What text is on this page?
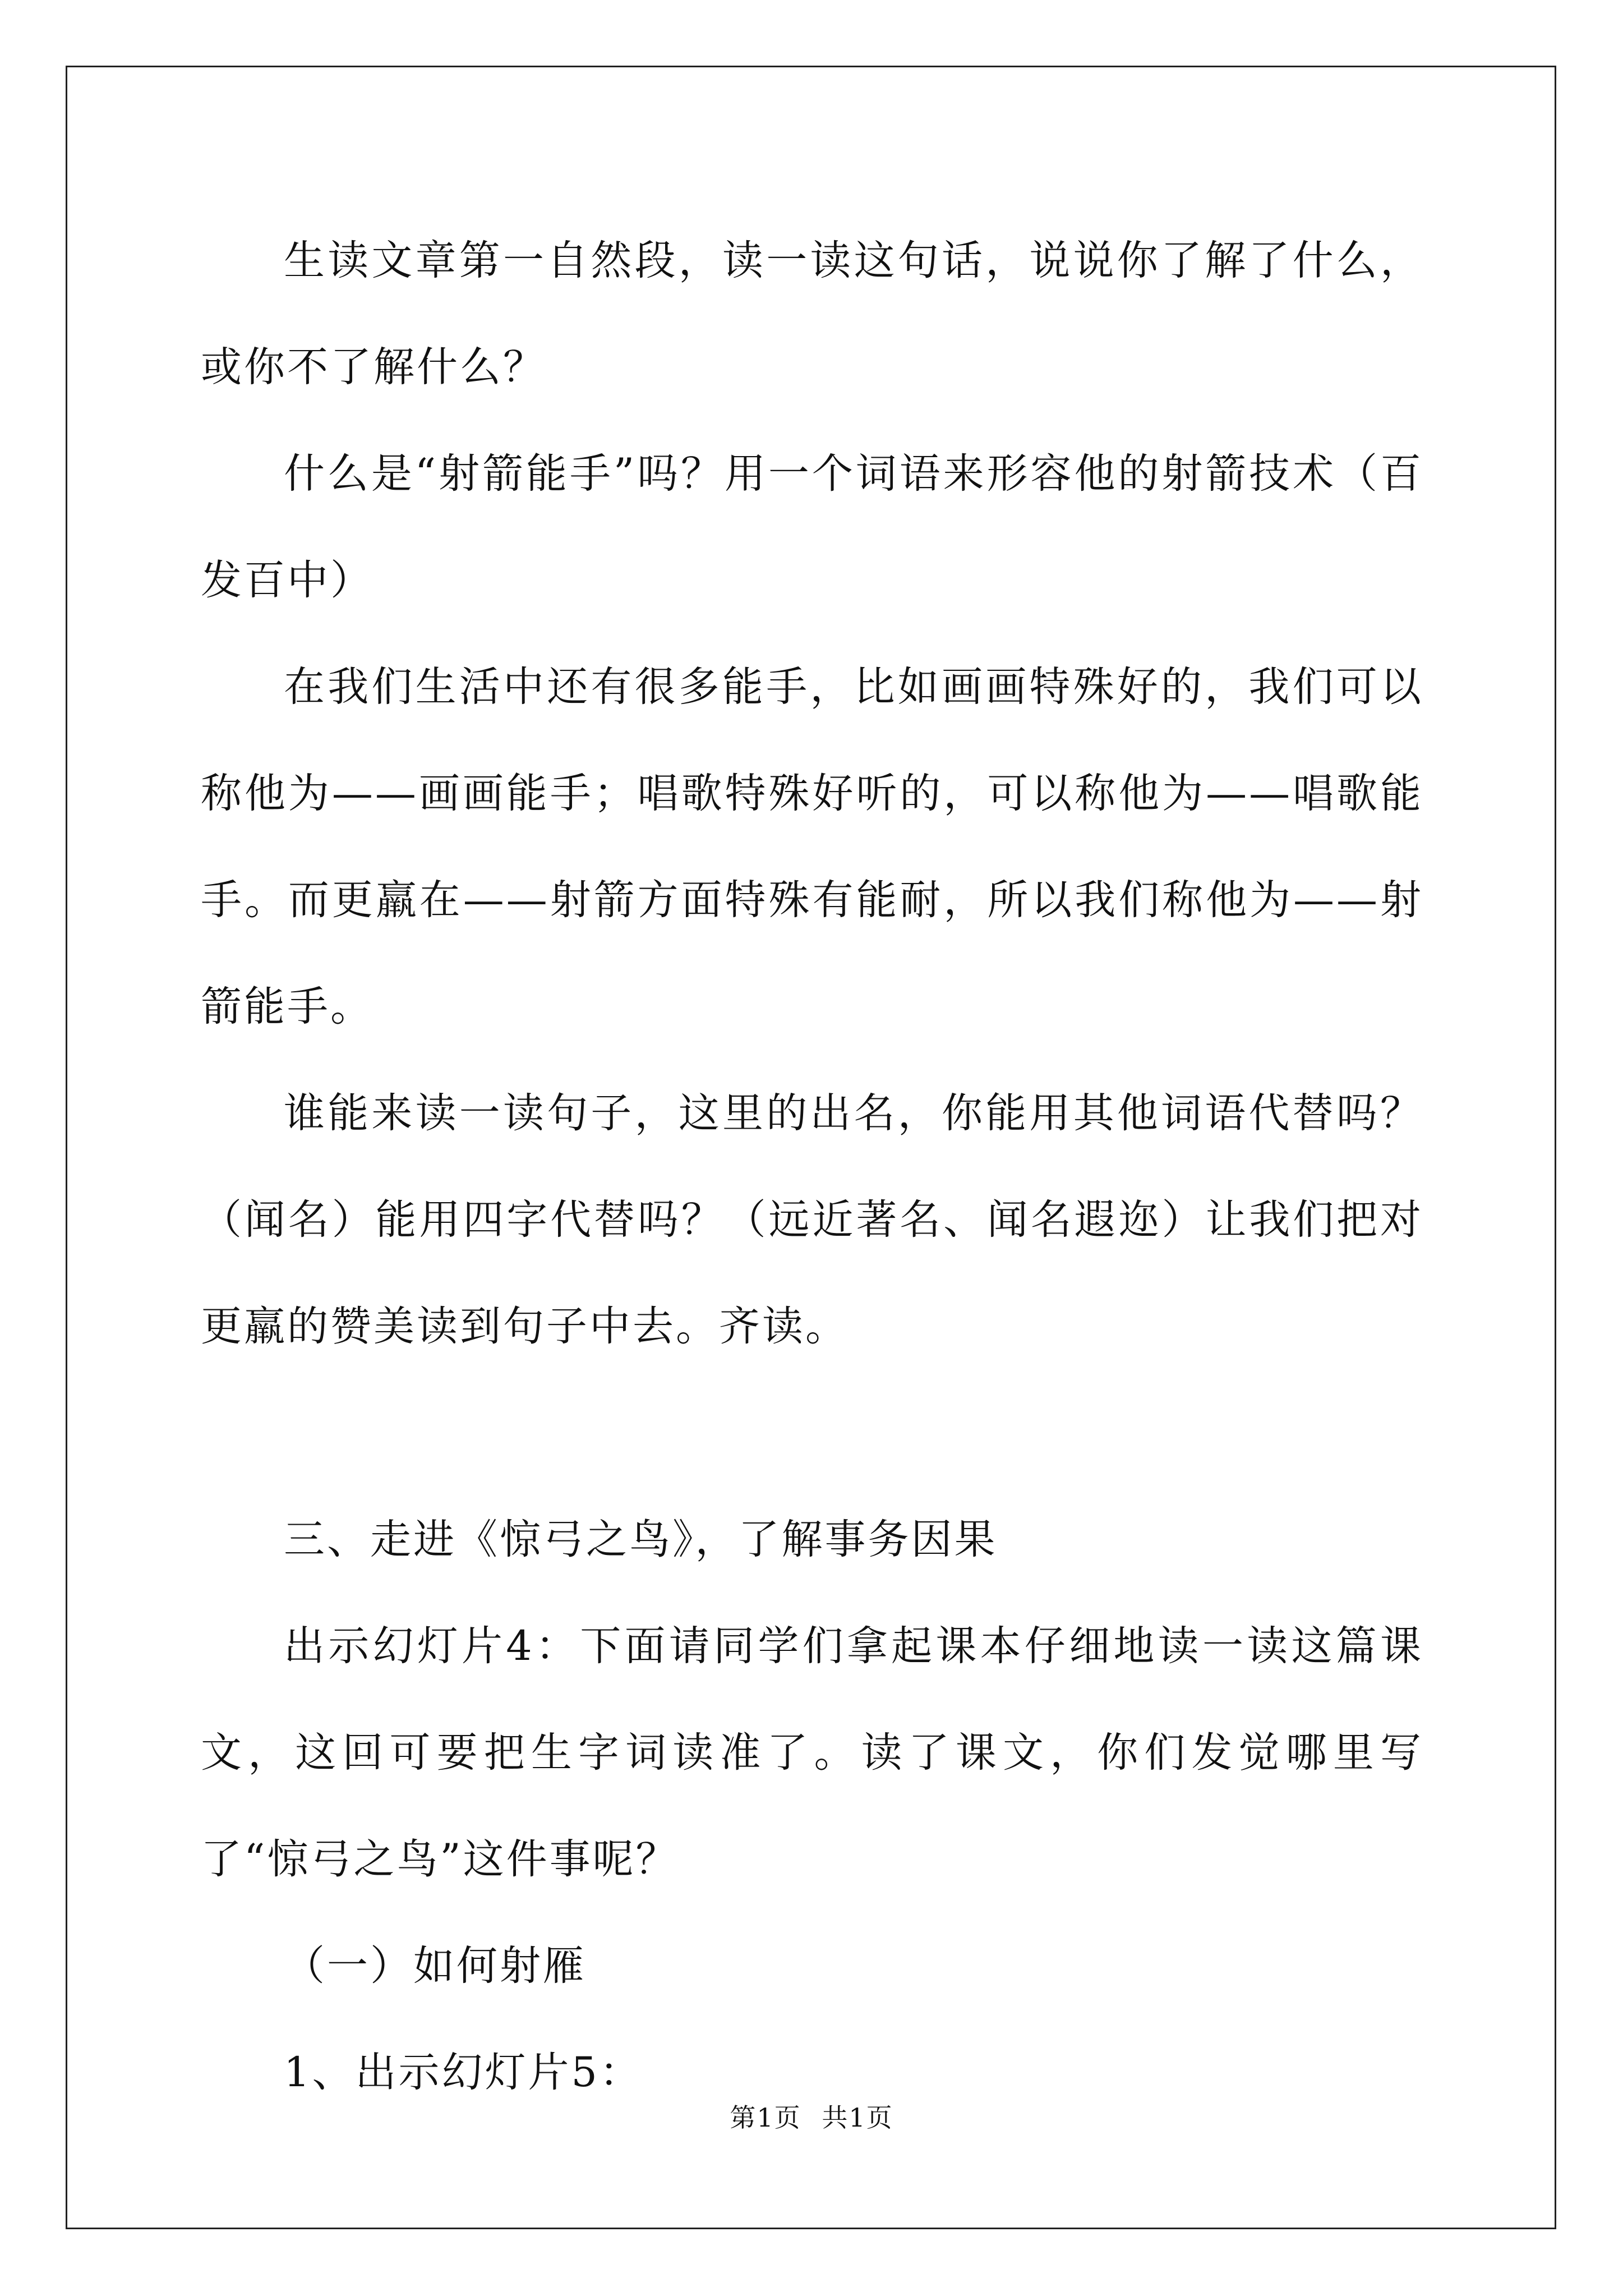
生读文章第一自然段，读一读这句话，说说你了解了什么，或你不了解什么？

什么是“射箭能手”吗？用一个词语来形容他的射箭技术（百发百中）

在我们生活中还有很多能手，比如画画特殊好的，我们可以称他为——画画能手；唱歌特殊好听的，可以称他为——唱歌能手。而更羸在——射箭方面特殊有能耐，所以我们称他为——射箭能手。

谁能来读一读句子，这里的出名，你能用其他词语代替吗？（闻名）能用四字代替吗？（远近著名、闻名遐迩）让我们把对更羸的赞美读到句子中去。齐读。

三、走进《惊弓之鸟》，了解事务因果

出示幻灯片4：下面请同学们拿起课本仔细地读一读这篇课文，这回可要把生字词读准了。读了课文，你们发觉哪里写了“惊弓之鸟”这件事呢？

（一）如何射雁

1、出示幻灯片5：

第1页 共1页
